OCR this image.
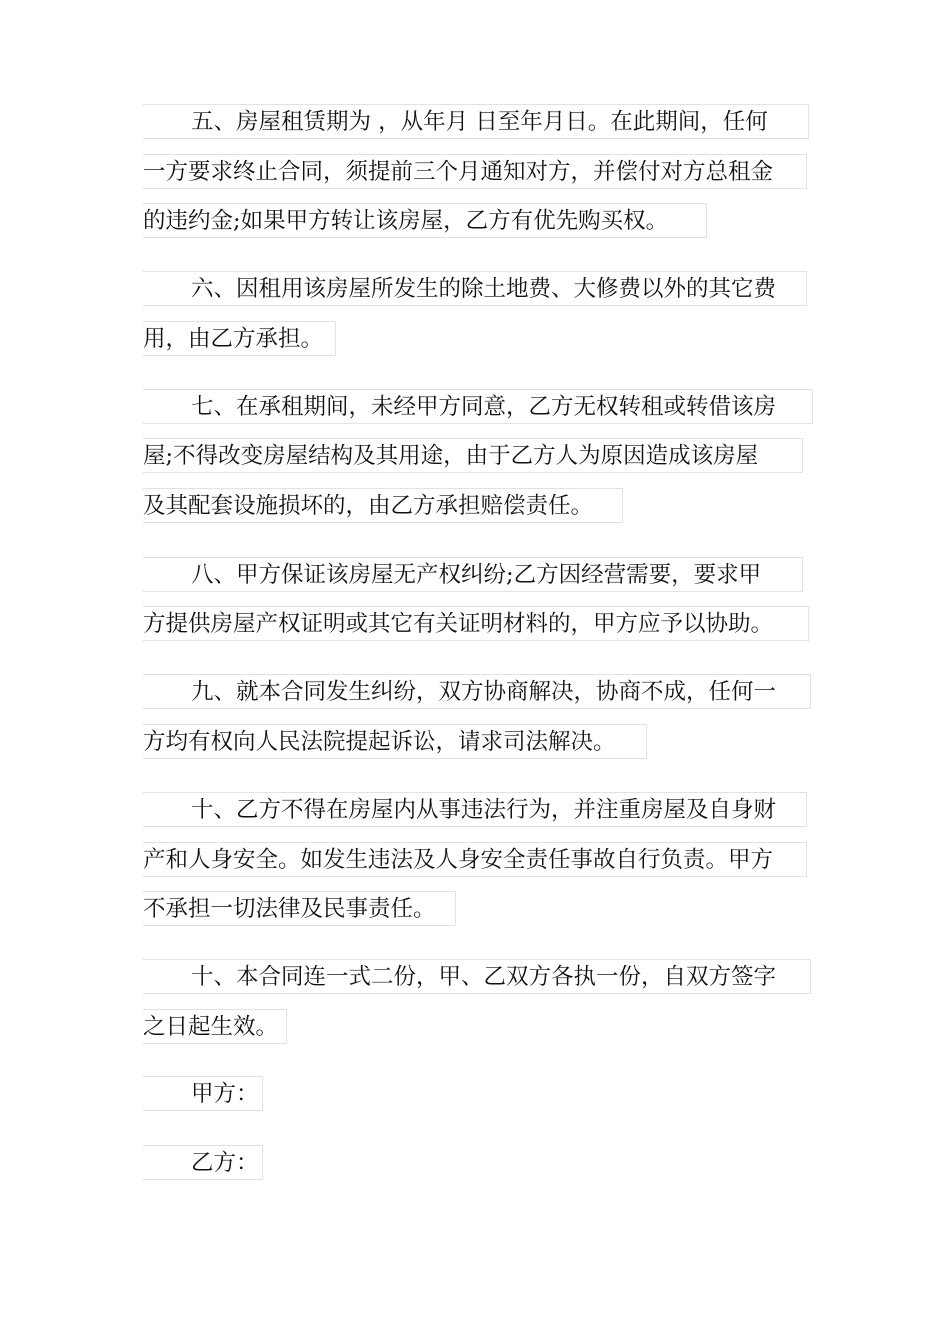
五、房屋租赁期为 ，从年月 日至年月日。在此期间，任何
一方要求终止合同，须提前三个月通知对方，并偿付对方总租金
的违约金;如果甲方转让该房屋，乙方有优先购买权。
六、因租用该房屋所发生的除土地费、大修费以外的其它费
用，由乙方承担。
七、在承租期间，未经甲方同意，乙方无权转租或转借该房
屋;不得改变房屋结构及其用途，由于乙方人为原因造成该房屋
及其配套设施损坏的，由乙方承担赔偿责任。
八、甲方保证该房屋无产权纠纷;乙方因经营需要，要求甲
方提供房屋产权证明或其它有关证明材料的，甲方应予以协助。
九、就本合同发生纠纷，双方协商解决，协商不成，任何一
方均有权向人民法院提起诉讼，请求司法解决。
十、乙方不得在房屋内从事违法行为，并注重房屋及自身财
产和人身安全。如发生违法及人身安全责任事故自行负责。甲方
不承担一切法律及民事责任。
十、本合同连一式二份，甲、乙双方各执一份，自双方签字
之日起生效。
甲方：
乙方：
